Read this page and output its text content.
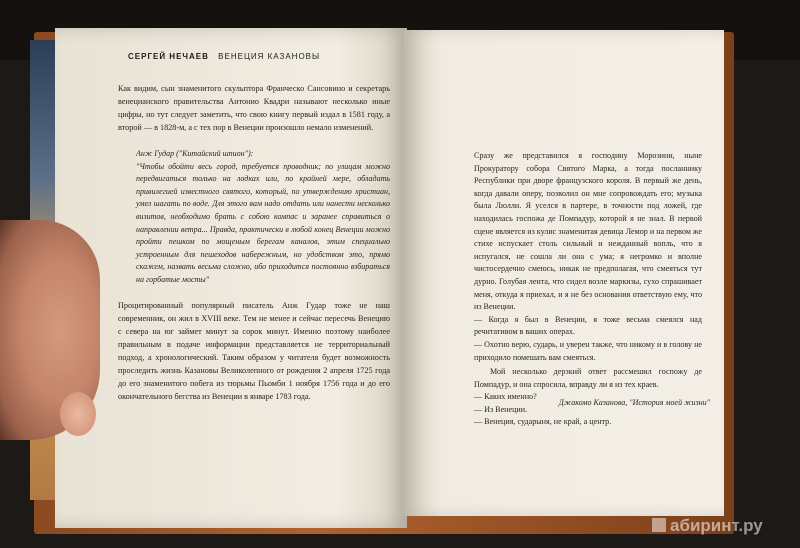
СЕРГЕЙ НЕЧАЕВ ВЕНЕЦИЯ КАЗАНОВЫ

Как видим, сын знаменитого скульптора Франческо Сансовино и секретарь венецианского правительства Антонио Квадри называют несколько иные цифры, но тут следует заметить, что свою книгу первый издал в 1581 году, а второй — в 1828-м, а с тех пор в Венеции произошло немало изменений.

Анж Гудар ("Китайский шпион"):
"Чтобы обойти весь город, требуется проводник; по улицам можно передвигаться только на лодках или, по крайней мере, обладать привилегией известного святого, который, по утверждению христиан, умел шагать по воде. Для этого вам надо отдать или нанести несколько визитов, необходимо брать с собою компас и заранее справиться о направлении ветра... Правда, практически в любой конец Венеции можно пройти пешком по мощеным берегам каналов, этим специально устроенным для пешеходов набережным, но удобством это, прямо скажем, назвать весьма сложно, ибо приходится постоянно взбираться на горбатые мосты"

Процитированный популярный писатель Анж Гудар тоже не наш современник, он жил в XVIII веке. Тем не менее и сейчас пересечь Венецию с севера на юг займет минут за сорок минут. Именно поэтому наиболее правильным в подаче информации представляется не территориальный подход, а хронологический. Таким образом у читателя будет возможность проследить жизнь Казановы Великолепного от рождения 2 апреля 1725 года до его знаменитого побега из тюрьмы Пьомби 1 ноября 1756 года и до его окончательного бегства из Венеции в январе 1783 года.

Сразу же представился я господину Морозини, ныне Прокуратору собора Святого Марка, а тогда посланнику Республики при дворе французского короля. В первый же день, когда давали оперу, позволил он мне сопровождать его; музыка была Люлли. Я уселся в партере, в точности под ложей, где находилась госпожа де Помпадур, которой я не знал. В первой сцене является из кулис знаменитая девица Лемор и на первом же стихе испускает столь сильный и нежданный вопль, что я испугался, не сошла ли она с ума; я негромко и вполне чистосердечно смеюсь, никак не предполагая, что смеяться тут дурно. Голубая лента, что сидел возле маркизы, сухо спрашивает меня, откуда я приехал, и я не без основания ответствую ему, что из Венеции.

— Когда я был в Венеции, я тоже весьма смеялся над речитативом в ваших операх.

— Охотно верю, сударь, и уверен также, что никому и в голову не приходило помешать вам смеяться.

Мой несколько дерзкий ответ рассмешил госпожу де Помпадур, и она спросила, вправду ли я из тех краев.

— Каких именно?

— Из Венеции.

— Венеция, сударыня, не край, а центр.

Джакомо Казанова, "История моей жизни"
абиринт.ру
